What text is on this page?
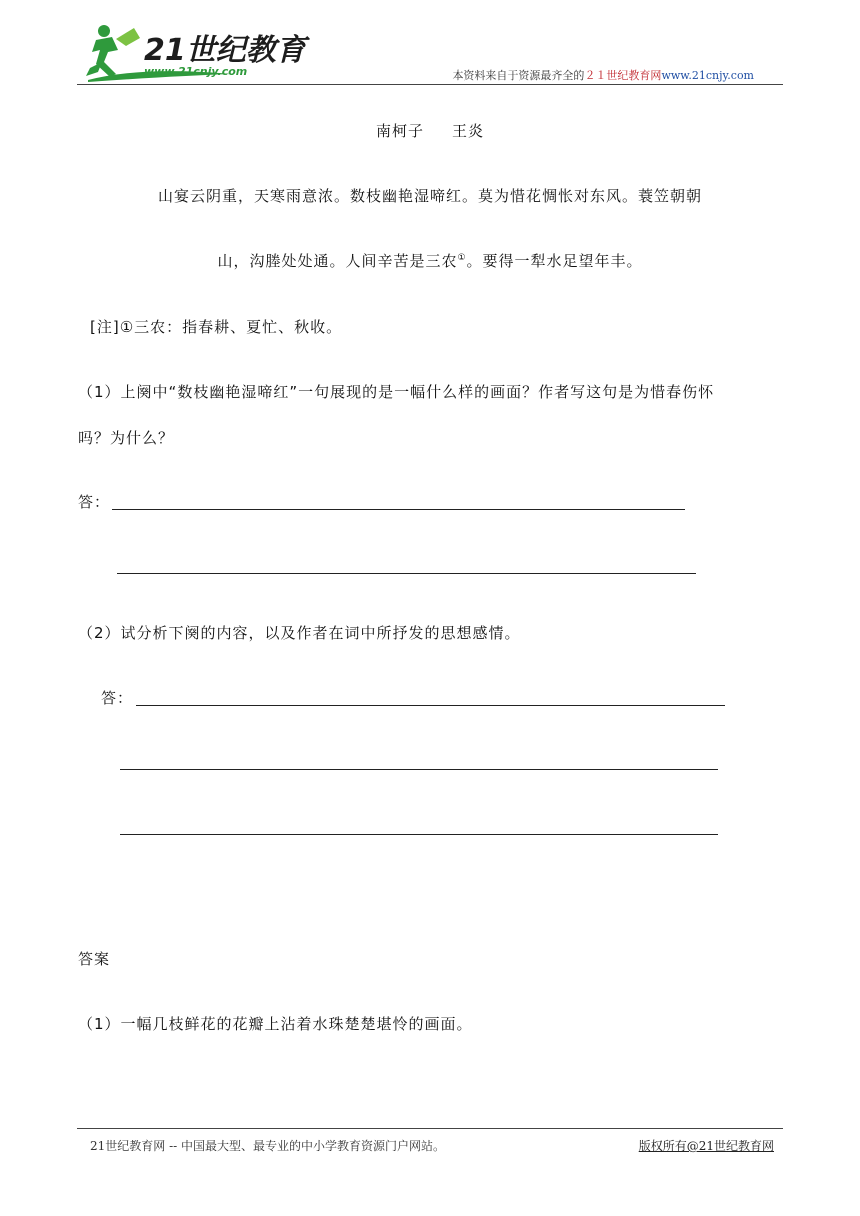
21世纪教育
www.21cnjy.com	本资料来自于资源最齐全的２１世纪教育网www.21cnjy.com
南柯子 王炎
山宴云阴重，天寒雨意浓。数枝幽艳湿啼红。莫为惜花惆怅对东风。蓑笠朝朝
山，沟塍处处通。人间辛苦是三农①。要得一犁水足望年丰。
[注]①三农：指春耕、夏忙、秋收。
（1）上阕中“数枝幽艳湿啼红”一句展现的是一幅什么样的画面？作者写这句是为惜春伤怀
吗？为什么？
答：
（2）试分析下阕的内容，以及作者在词中所抒发的思想感情。
答：
答案
（1）一幅几枝鲜花的花瓣上沾着水珠楚楚堪怜的画面。
21世纪教育网 -- 中国最大型、最专业的中小学教育资源门户网站。	版权所有@21世纪教育网
